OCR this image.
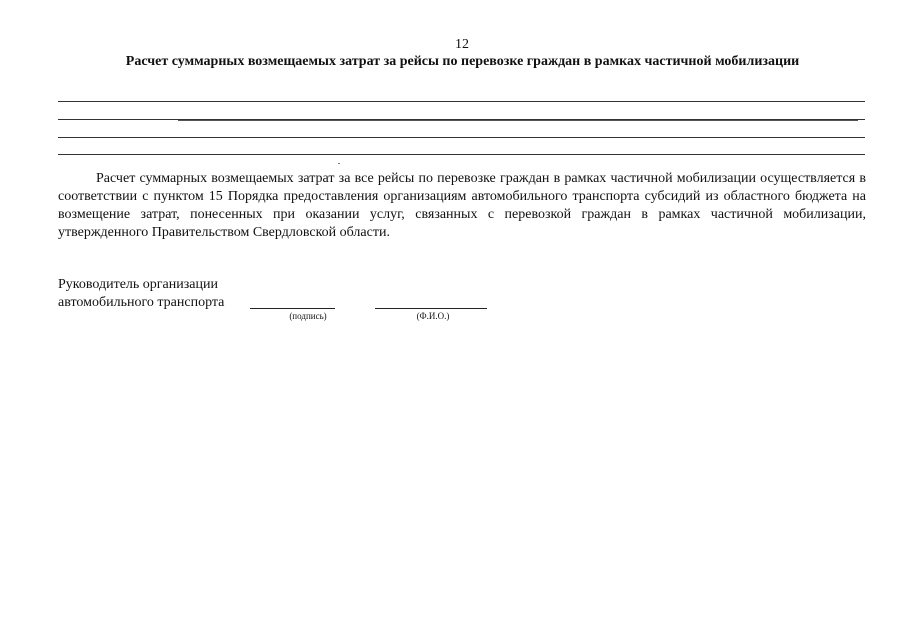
12
Расчет суммарных возмещаемых затрат за рейсы по перевозке граждан в рамках частичной мобилизации

Расчет суммарных возмещаемых затрат за все рейсы по перевозке граждан в рамках частичной мобилизации осуществляется в соответствии с пунктом 15 Порядка предоставления организациям автомобильного транспорта субсидий из областного бюджета на возмещение затрат, понесенных при оказании услуг, связанных с перевозкой граждан в рамках частичной мобилизации, утвержденного Правительством Свердловской области.

Руководитель организации
автомобильного транспорта
(подпись)	(Ф.И.О.)
